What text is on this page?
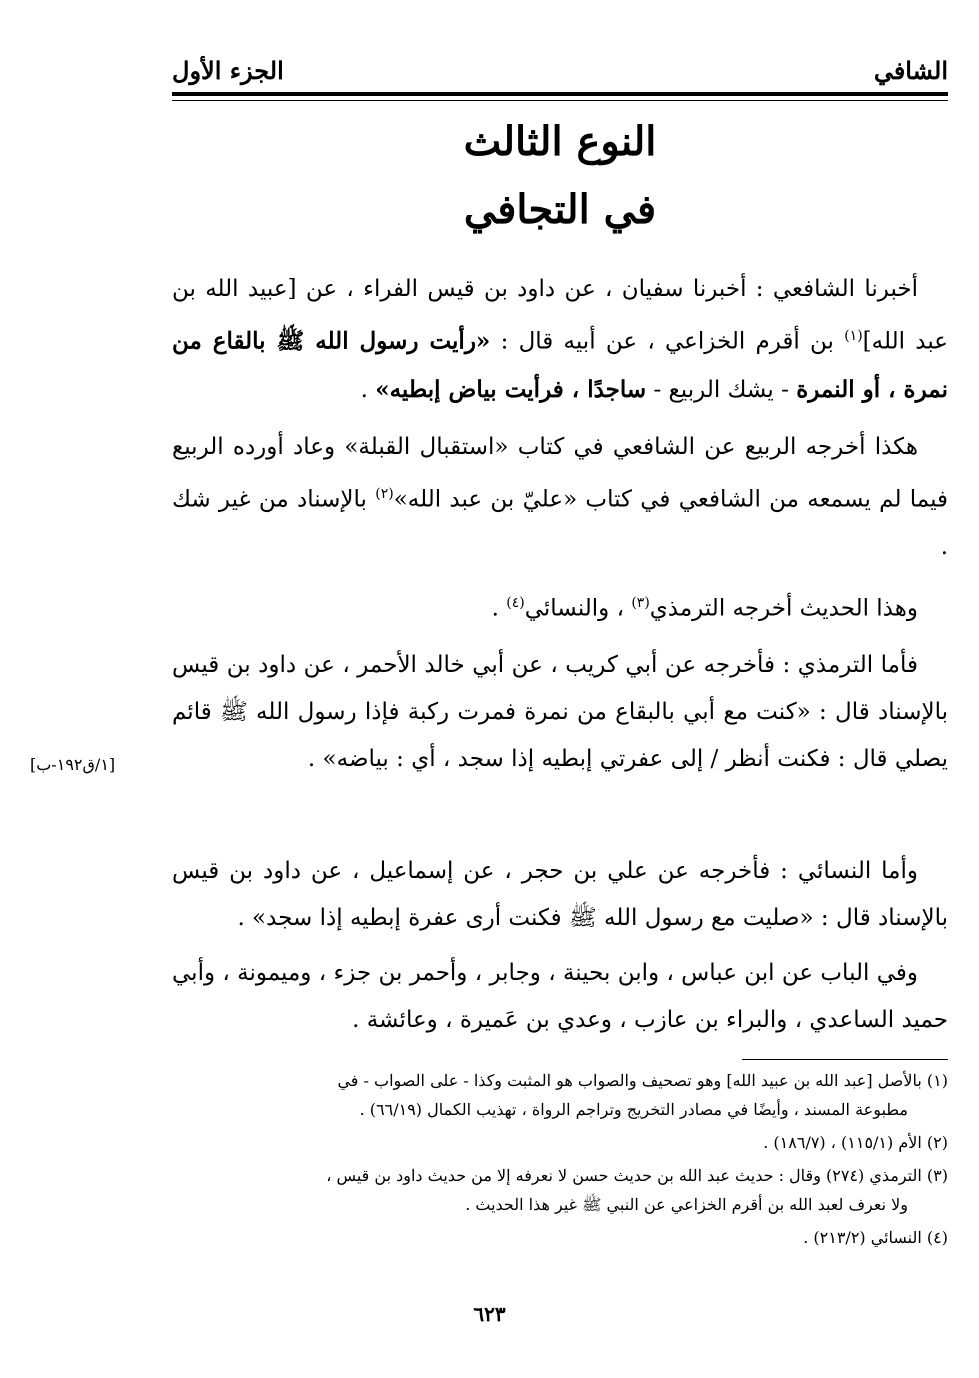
الشافي
الجزء الأول
النوع الثالث
في التجافي

أخبرنا الشافعي : أخبرنا سفيان ، عن داود بن قيس الفراء ، عن [عبيد الله بن عبد الله]$^{(١)}$ بن أقرم الخزاعي ، عن أبيه قال : «رأيت رسول الله ﷺ بالقاع من نمرة ، أو النمرة - يشك الربيع - ساجدًا ، فرأيت بياض إبطيه» .

هكذا أخرجه الربيع عن الشافعي في كتاب «استقبال القبلة» وعاد أورده الربيع فيما لم يسمعه من الشافعي في كتاب «عليّ بن عبد الله»$^{(٢)}$ بالإسناد من غير شك .

وهذا الحديث أخرجه الترمذي$^{(٣)}$ ، والنسائي$^{(٤)}$ .

فأما الترمذي : فأخرجه عن أبي كريب ، عن أبي خالد الأحمر ، عن داود بن قيس بالإسناد قال : «كنت مع أبي بالبقاع من نمرة فمرت ركبة فإذا رسول الله ﷺ قائم يصلي قال : فكنت أنظر / إلى عفرتي إبطيه إذا سجد ، أي : بياضه» .

[١/ق١٩٢-ب]

وأما النسائي : فأخرجه عن علي بن حجر ، عن إسماعيل ، عن داود بن قيس بالإسناد قال : «صليت مع رسول الله ﷺ فكنت أرى عفرة إبطيه إذا سجد» .

وفي الباب عن ابن عباس ، وابن بحينة ، وجابر ، وأحمر بن جزء ، وميمونة ، وأبي حميد الساعدي ، والبراء بن عازب ، وعدي بن عَميرة ، وعائشة .

(١) بالأصل [عبد الله بن عبيد الله] وهو تصحيف والصواب هو المثبت وكذا - على الصواب - في
مطبوعة المسند ، وأيضًا في مصادر التخريج وتراجم الرواة ، تهذيب الكمال (٦٦/١٩) .
(٢) الأم (١١٥/١) ، (١٨٦/٧) .
(٣) الترمذي (٢٧٤) وقال : حديث عبد الله بن حديث حسن لا نعرفه إلا من حديث داود بن قيس ،
ولا نعرف لعبد الله بن أقرم الخزاعي عن النبي ﷺ غير هذا الحديث .
(٤) النسائي (٢١٣/٢) .
٦٢٣
